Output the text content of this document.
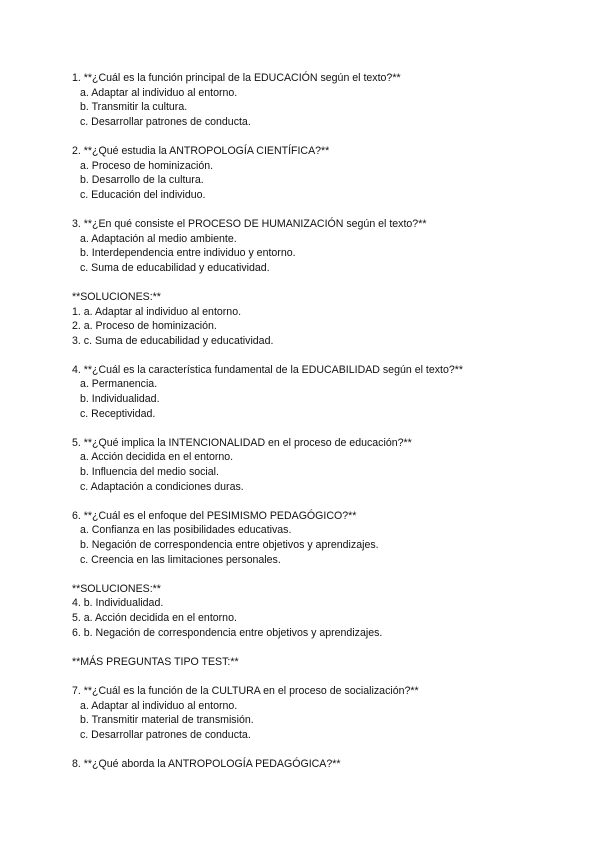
1. **¿Cuál es la función principal de la EDUCACIÓN según el texto?**
a. Adaptar al individuo al entorno.
b. Transmitir la cultura.
c. Desarrollar patrones de conducta.
2. **¿Qué estudia la ANTROPOLOGÍA CIENTÍFICA?**
a. Proceso de hominización.
b. Desarrollo de la cultura.
c. Educación del individuo.
3. **¿En qué consiste el PROCESO DE HUMANIZACIÓN según el texto?**
a. Adaptación al medio ambiente.
b. Interdependencia entre individuo y entorno.
c. Suma de educabilidad y educatividad.
**SOLUCIONES:**
1. a. Adaptar al individuo al entorno.
2. a. Proceso de hominización.
3. c. Suma de educabilidad y educatividad.
4. **¿Cuál es la característica fundamental de la EDUCABILIDAD según el texto?**
a. Permanencia.
b. Individualidad.
c. Receptividad.
5. **¿Qué implica la INTENCIONALIDAD en el proceso de educación?**
a. Acción decidida en el entorno.
b. Influencia del medio social.
c. Adaptación a condiciones duras.
6. **¿Cuál es el enfoque del PESIMISMO PEDAGÓGICO?**
a. Confianza en las posibilidades educativas.
b. Negación de correspondencia entre objetivos y aprendizajes.
c. Creencia en las limitaciones personales.
**SOLUCIONES:**
4. b. Individualidad.
5. a. Acción decidida en el entorno.
6. b. Negación de correspondencia entre objetivos y aprendizajes.
**MÁS PREGUNTAS TIPO TEST:**
7. **¿Cuál es la función de la CULTURA en el proceso de socialización?**
a. Adaptar al individuo al entorno.
b. Transmitir material de transmisión.
c. Desarrollar patrones de conducta.
8. **¿Qué aborda la ANTROPOLOGÍA PEDAGÓGICA?**
